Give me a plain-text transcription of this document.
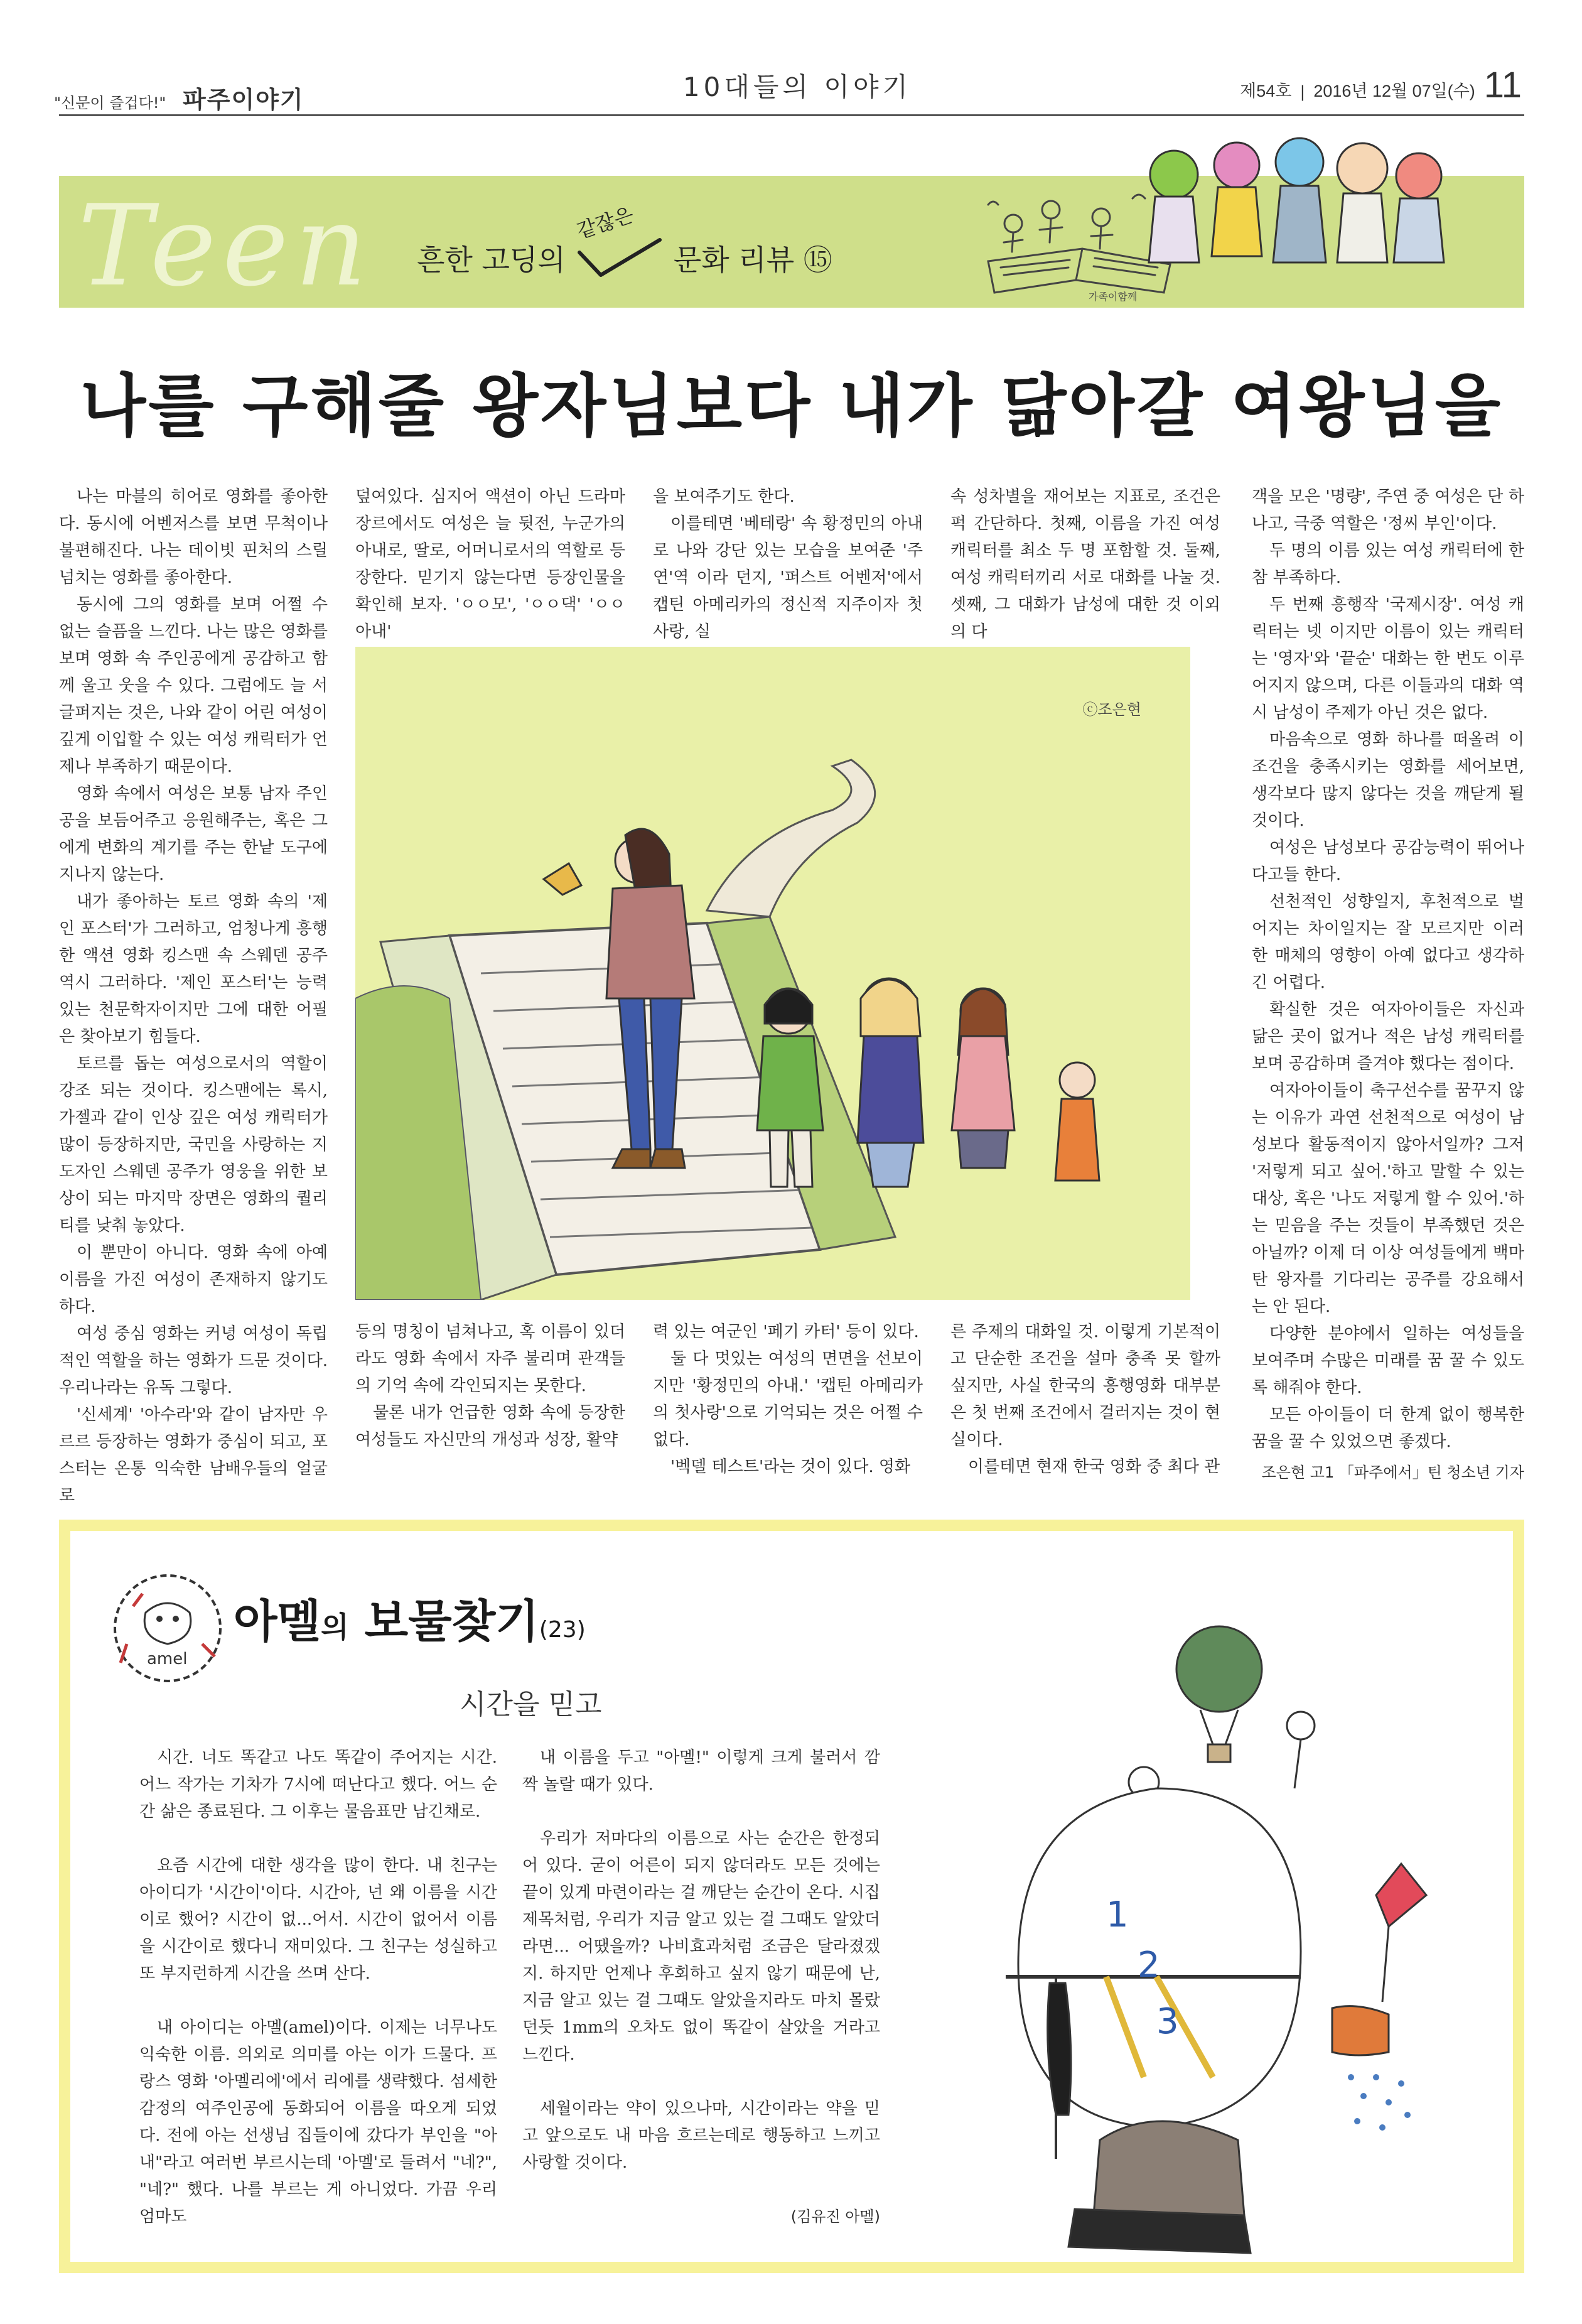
"신문이 즐겁다!" 파주이야기	10대들의 이야기	제54호 | 2016년 12월 07일(수) 11
Teen 흔한 고딩의
같잖은
문화 리뷰 ⑮
가족이함께
나를 구해줄 왕자님보다 내가 닮아갈 여왕님을

나는 마블의 히어로 영화를 좋아한다. 동시에 어벤저스를 보면 무척이나 불편해진다. 나는 데이빗 핀처의 스릴 넘치는 영화를 좋아한다.

동시에 그의 영화를 보며 어쩔 수 없는 슬픔을 느낀다. 나는 많은 영화를 보며 영화 속 주인공에게 공감하고 함께 울고 웃을 수 있다. 그럼에도 늘 서글퍼지는 것은, 나와 같이 어린 여성이 깊게 이입할 수 있는 여성 캐릭터가 언제나 부족하기 때문이다.

영화 속에서 여성은 보통 남자 주인공을 보듬어주고 응원해주는, 혹은 그에게 변화의 계기를 주는 한낱 도구에 지나지 않는다.

내가 좋아하는 토르 영화 속의 '제인 포스터'가 그러하고, 엄청나게 흥행한 액션 영화 킹스맨 속 스웨덴 공주 역시 그러하다. '제인 포스터'는 능력 있는 천문학자이지만 그에 대한 어필은 찾아보기 힘들다.

토르를 돕는 여성으로서의 역할이 강조 되는 것이다. 킹스맨에는 록시, 가젤과 같이 인상 깊은 여성 캐릭터가 많이 등장하지만, 국민을 사랑하는 지도자인 스웨덴 공주가 영웅을 위한 보상이 되는 마지막 장면은 영화의 퀄리티를 낮춰 놓았다.

이 뿐만이 아니다. 영화 속에 아예 이름을 가진 여성이 존재하지 않기도 하다.

여성 중심 영화는 커녕 여성이 독립적인 역할을 하는 영화가 드문 것이다. 우리나라는 유독 그렇다.

'신세계' '아수라'와 같이 남자만 우르르 등장하는 영화가 중심이 되고, 포스터는 온통 익숙한 남배우들의 얼굴로

덮여있다. 심지어 액션이 아닌 드라마 장르에서도 여성은 늘 뒷전, 누군가의 아내로, 딸로, 어머니로서의 역할로 등장한다. 믿기지 않는다면 등장인물을 확인해 보자. 'ㅇㅇ모', 'ㅇㅇ댁' 'ㅇㅇ아내'

을 보여주기도 한다.

이를테면 '베테랑' 속 황정민의 아내로 나와 강단 있는 모습을 보여준 '주연'역 이라 던지, '퍼스트 어벤저'에서 캡틴 아메리카의 정신적 지주이자 첫사랑, 실

속 성차별을 재어보는 지표로, 조건은 퍽 간단하다. 첫째, 이름을 가진 여성 캐릭터를 최소 두 명 포함할 것. 둘째, 여성 캐릭터끼리 서로 대화를 나눌 것. 셋째, 그 대화가 남성에 대한 것 이외의 다

ⓒ조은현

등의 명칭이 넘쳐나고, 혹 이름이 있더라도 영화 속에서 자주 불리며 관객들의 기억 속에 각인되지는 못한다.

물론 내가 언급한 영화 속에 등장한 여성들도 자신만의 개성과 성장, 활약

력 있는 여군인 '페기 카터' 등이 있다.

둘 다 멋있는 여성의 면면을 선보이지만 '황정민의 아내.' '캡틴 아메리카의 첫사랑'으로 기억되는 것은 어쩔 수 없다.

'벡델 테스트'라는 것이 있다. 영화

른 주제의 대화일 것. 이렇게 기본적이고 단순한 조건을 설마 충족 못 할까 싶지만, 사실 한국의 흥행영화 대부분은 첫 번째 조건에서 걸러지는 것이 현실이다.

이를테면 현재 한국 영화 중 최다 관

객을 모은 '명량', 주연 중 여성은 단 하나고, 극중 역할은 '정씨 부인'이다.

두 명의 이름 있는 여성 캐릭터에 한참 부족하다.

두 번째 흥행작 '국제시장'. 여성 캐릭터는 넷 이지만 이름이 있는 캐릭터는 '영자'와 '끝순' 대화는 한 번도 이루어지지 않으며, 다른 이들과의 대화 역시 남성이 주제가 아닌 것은 없다.

마음속으로 영화 하나를 떠올려 이 조건을 충족시키는 영화를 세어보면, 생각보다 많지 않다는 것을 깨닫게 될 것이다.

여성은 남성보다 공감능력이 뛰어나다고들 한다.

선천적인 성향일지, 후천적으로 벌어지는 차이일지는 잘 모르지만 이러한 매체의 영향이 아예 없다고 생각하긴 어렵다.

확실한 것은 여자아이들은 자신과 닮은 곳이 없거나 적은 남성 캐릭터를 보며 공감하며 즐겨야 했다는 점이다.

여자아이들이 축구선수를 꿈꾸지 않는 이유가 과연 선천적으로 여성이 남성보다 활동적이지 않아서일까? 그저 '저렇게 되고 싶어.'하고 말할 수 있는 대상, 혹은 '나도 저렇게 할 수 있어.'하는 믿음을 주는 것들이 부족했던 것은 아닐까? 이제 더 이상 여성들에게 백마 탄 왕자를 기다리는 공주를 강요해서는 안 된다.

다양한 분야에서 일하는 여성들을 보여주며 수많은 미래를 꿈 꿀 수 있도록 해줘야 한다.

모든 아이들이 더 한계 없이 행복한 꿈을 꿀 수 있었으면 좋겠다.

조은현 고1 「파주에서」틴 청소년 기자
amel
아멜의 보물찾기(23)
시간을 믿고

시간. 너도 똑같고 나도 똑같이 주어지는 시간. 어느 작가는 기차가 7시에 떠난다고 했다. 어느 순간 삶은 종료된다. 그 이후는 물음표만 남긴채로.

요즘 시간에 대한 생각을 많이 한다. 내 친구는 아이디가 '시간이'이다. 시간아, 넌 왜 이름을 시간이로 했어? 시간이 없...어서. 시간이 없어서 이름을 시간이로 했다니 재미있다. 그 친구는 성실하고 또 부지런하게 시간을 쓰며 산다.

내 아이디는 아멜(amel)이다. 이제는 너무나도 익숙한 이름. 의외로 의미를 아는 이가 드물다. 프랑스 영화 '아멜리에'에서 리에를 생략했다. 섬세한 감정의 여주인공에 동화되어 이름을 따오게 되었다. 전에 아는 선생님 집들이에 갔다가 부인을 "아내"라고 여러번 부르시는데 '아멜'로 들려서 "네?", "네?" 했다. 나를 부르는 게 아니었다. 가끔 우리 엄마도

내 이름을 두고 "아멜!" 이렇게 크게 불러서 깜짝 놀랄 때가 있다.

우리가 저마다의 이름으로 사는 순간은 한정되어 있다. 굳이 어른이 되지 않더라도 모든 것에는 끝이 있게 마련이라는 걸 깨닫는 순간이 온다. 시집 제목처럼, 우리가 지금 알고 있는 걸 그때도 알았더라면... 어땠을까? 나비효과처럼 조금은 달라졌겠지. 하지만 언제나 후회하고 싶지 않기 때문에 난, 지금 알고 있는 걸 그때도 알았을지라도 마치 몰랐던듯 1mm의 오차도 없이 똑같이 살았을 거라고 느낀다.

세월이라는 약이 있으나마, 시간이라는 약을 믿고 앞으로도 내 마음 흐르는데로 행동하고 느끼고 사랑할 것이다.

(김유진 아멜)

1
2
3
